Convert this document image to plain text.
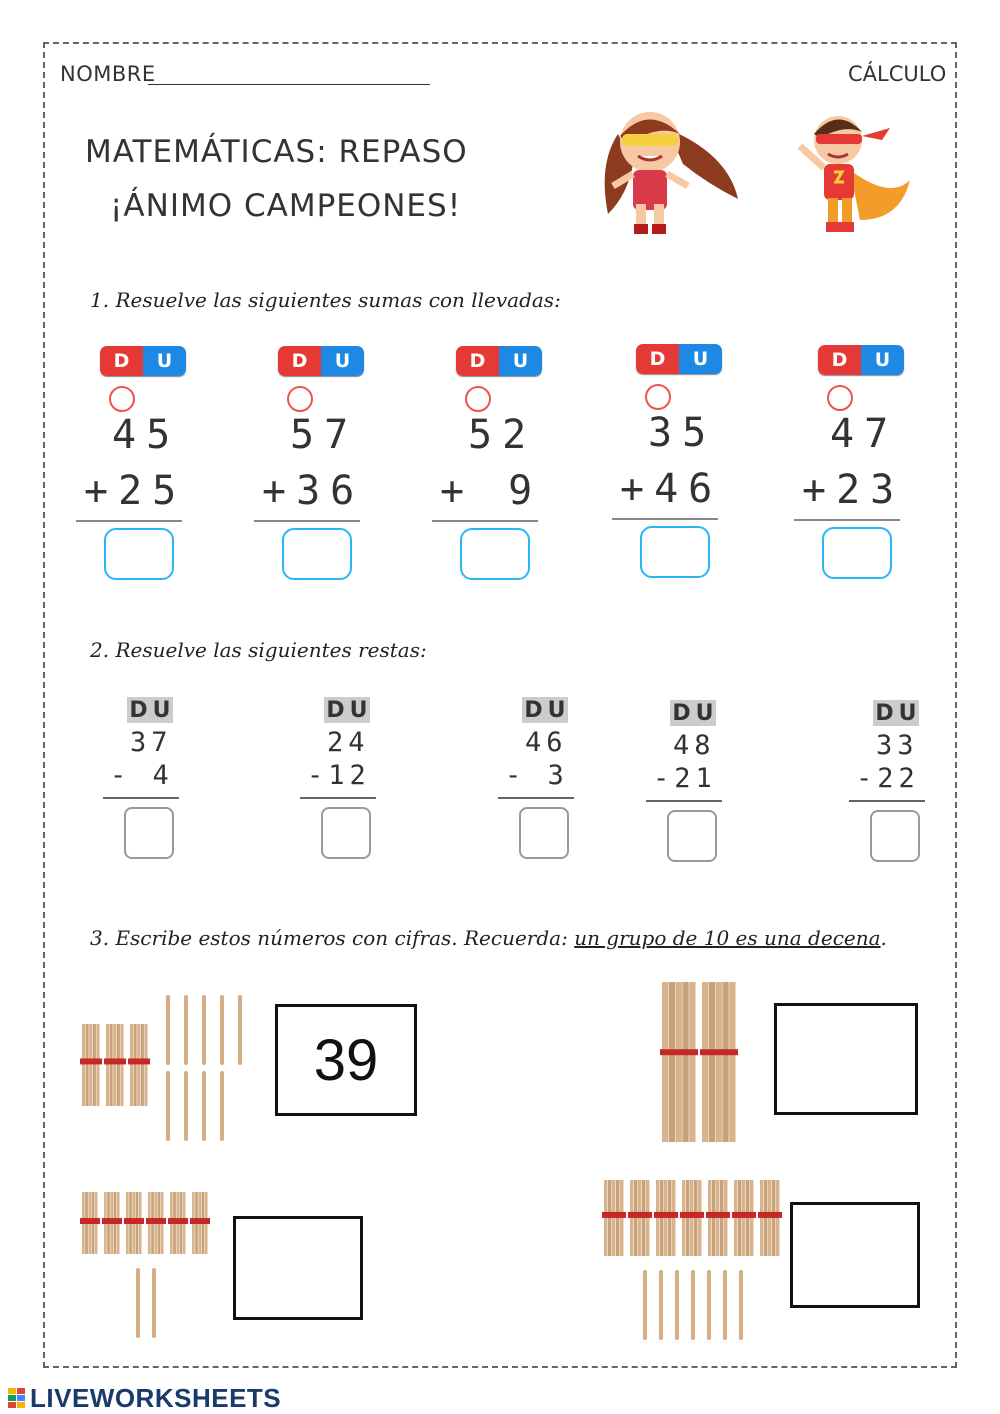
NOMBRE	CÁLCULO
MATEMÁTICAS: REPASO
¡ÁNIMO CAMPEONES!
1. Resuelve las siguientes sumas con llevadas:
2. Resuelve las siguientes restas:
3. Escribe estos números con cifras. Recuerda: un grupo de 10 es una decena.
LIVEWORKSHEETS
D	U
45
+25
D	U
57
+36
D	U
52
+ 9
D	U
35
+46
D	U
47
+23
D U
37
- 4
D U
24
-12
D U
46
- 3
D U
48
-21
D U
33
-22
39
